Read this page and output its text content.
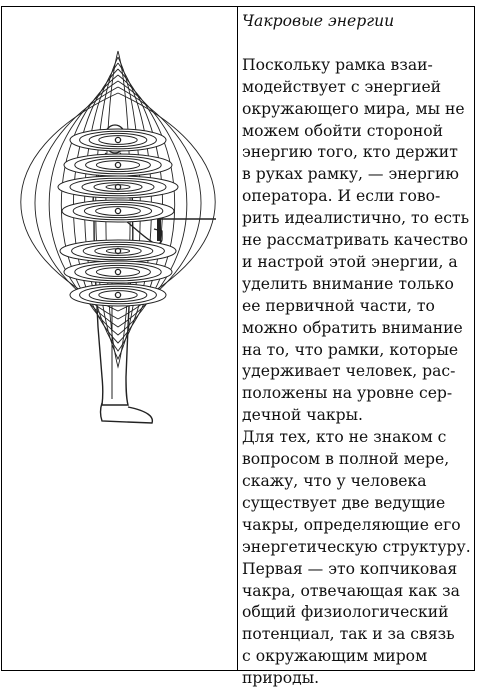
Чакровые энергии
Поскольку рамка взаи-
модействует с энергией
окружающего мира, мы не
можем обойти стороной
энергию того, кто держит
в руках рамку, — энергию
оператора. И если гово-
рить идеалистично, то есть
не рассматривать качество
и настрой этой энергии, а
уделить внимание только
ее первичной части, то
можно обратить внимание
на то, что рамки, которые
удерживает человек, рас-
положены на уровне сер-
дечной чакры.
Для тех, кто не знаком с
вопросом в полной мере,
скажу, что у человека
существует две ведущие
чакры, определяющие его
энергетическую структуру.
Первая — это копчиковая
чакра, отвечающая как за
общий физиологический
потенциал, так и за связь
с окружающим миром
природы.
